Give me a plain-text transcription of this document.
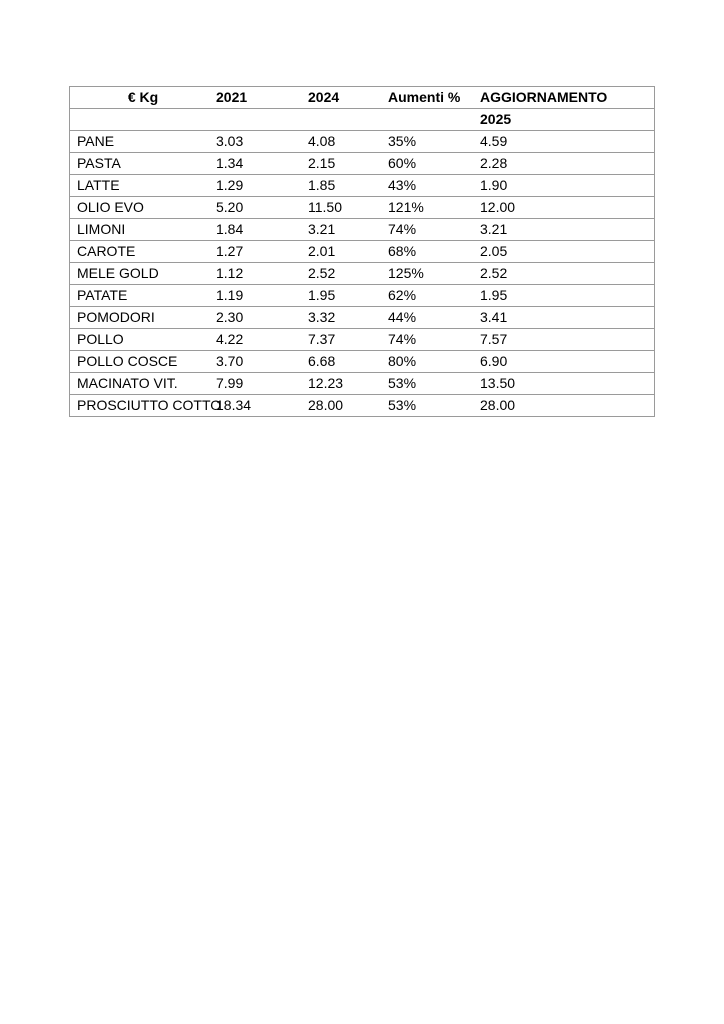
€ Kg	2021	2024	Aumenti %	AGGIORNAMENTO
				2025
PANE	3.03	4.08	35%	4.59
PASTA	1.34	2.15	60%	2.28
LATTE	1.29	1.85	43%	1.90
OLIO EVO	5.20	11.50	121%	12.00
LIMONI	1.84	3.21	74%	3.21
CAROTE	1.27	2.01	68%	2.05
MELE GOLD	1.12	2.52	125%	2.52
PATATE	1.19	1.95	62%	1.95
POMODORI	2.30	3.32	44%	3.41
POLLO	4.22	7.37	74%	7.57
POLLO COSCE	3.70	6.68	80%	6.90
MACINATO VIT.	7.99	12.23	53%	13.50
PROSCIUTTO COTTO	18.34	28.00	53%	28.00
